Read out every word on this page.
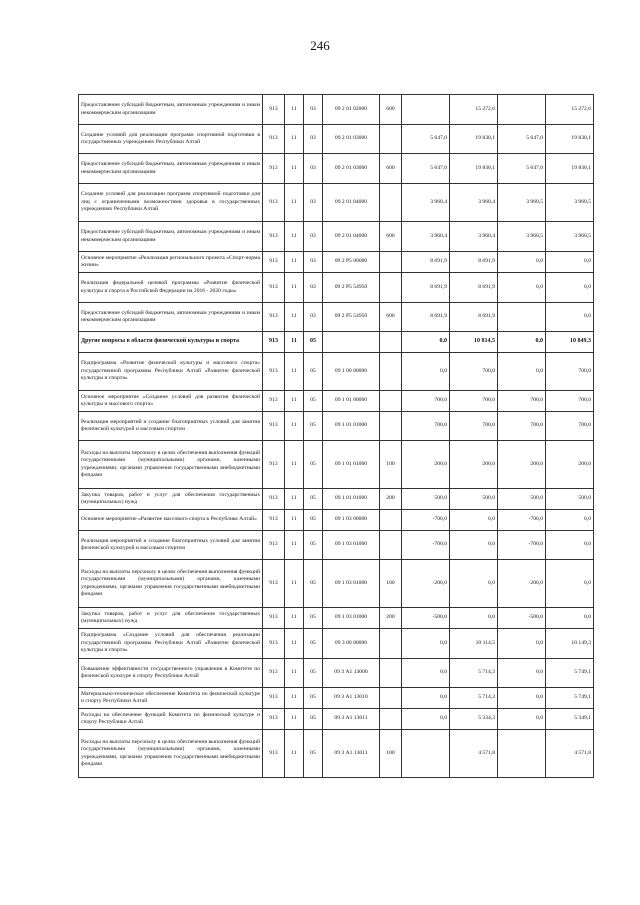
246
Предоставление субсидий бюджетным, автономным учреждениям и иным некоммерческим организациям	913	11	03	09 2 01 02000	600		15 272,6		15 272,6
Создание условий для реализации программ спортивной подготовки в государственных учреждениях Республики Алтай	913	11	03	09 2 01 03000		5 647,0	19 830,1	5 647,0	19 830,1
Предоставление субсидий бюджетным, автономным учреждениям и иным некоммерческим организациям	913	11	03	09 2 01 03000	600	5 647,0	19 830,1	5 647,0	19 830,1
Создание условий для реализации программ спортивной подготовки для лиц с ограниченными возможностями здоровья в государственных учреждениях Республики Алтай	913	11	03	09 2 01 04000		3 960,4	3 960,4	3 960,5	3 960,5
Предоставление субсидий бюджетным, автономным учреждениям и иным некоммерческим организациям	913	11	03	09 2 01 04000	600	3 960,4	3 960,4	3 960,5	3 960,5
Основное мероприятие «Реализация регионального проекта «Спорт-норма жизни»	913	11	03	09 2 P5 00000		8 691,9	8 691,9	0,0	0,0
Реализация федеральной целевой программы «Развитие физической культуры и спорта в Российской Федерации на 2016 - 2020 годы»	913	11	03	09 2 P5 54950		8 691,9	8 691,9	0,0	0,0
Предоставление субсидий бюджетным, автономным учреждениям и иным некоммерческим организациям	913	11	03	09 2 P5 54950	600	8 691,9	8 691,9		0,0
Другие вопросы в области физической культуры и спорта	913	11	05			0,0	10 814,5	0,0	10 849,3
Подпрограмма «Развитие физической культуры и массового спорта» государственной программы Республики Алтай «Развитие физической культуры и спорта»	913	11	05	09 1 00 00000		0,0	700,0	0,0	700,0
Основное мероприятие «Создание условий для развития физической культуры и массового спорта»	913	11	05	09 1 01 00000		700,0	700,0	700,0	700,0
Реализация мероприятий и создание благоприятных условий для занятия физической культурой и массовым спортом	913	11	05	09 1 01 01000		700,0	700,0	700,0	700,0
Расходы на выплаты персоналу в целях обеспечения выполнения функций государственными (муниципальными) органами, казенными учреждениями, органами управления государственными внебюджетными фондами	913	11	05	09 1 01 01000	100	200,0	200,0	200,0	200,0
Закупка товаров, работ и услуг для обеспечения государственных (муниципальных) нужд	913	11	05	09 1 01 01000	200	500,0	500,0	500,0	500,0
Основное мероприятие «Развитие массового спорта в Республике Алтай»	913	11	05	09 1 03 00000		-700,0	0,0	-700,0	0,0
Реализация мероприятий и создание благоприятных условий для занятия физической культурой и массовым спортом	913	11	05	09 1 03 01000		-700,0	0,0	-700,0	0,0
Расходы на выплаты персоналу в целях обеспечения выполнения функций государственными (муниципальными) органами, казенными учреждениями, органами управления государственными внебюджетными фондами	913	11	05	09 1 03 01000	100	-200,0	0,0	-200,0	0,0
Закупка товаров, работ и услуг для обеспечения государственных (муниципальных) нужд	913	11	05	09 1 03 01000	200	-500,0	0,0	-500,0	0,0
Подпрограмма «Создание условий для обеспечения реализации государственной программы Республики Алтай «Развитие физической культуры и спорта»	913	11	05	09 3 00 00000		0,0	10 114,5	0,0	10 149,3
Повышение эффективности государственного управления в Комитете по физической культуре и спорту Республики Алтай	913	11	05	09 3 А1 13000		0,0	5 714,3	0,0	5 749,1
Материально-техническое обеспечение Комитета по физической культуре и спорту Республики Алтай	913	11	05	09 3 А1 13010		0,0	5 714,3	0,0	5 749,1
Расходы на обеспечение функций Комитета по физической культуре и спорту Республики Алтай	913	11	05	09 3 А1 13011		0,0	5 334,3	0,0	5 349,1
Расходы на выплаты персоналу в целях обеспечения выполнения функций государственными (муниципальными) органами, казенными учреждениями, органами управления государственными внебюджетными фондами	913	11	05	09 3 А1 13011	100		4 571,8		4 571,8
